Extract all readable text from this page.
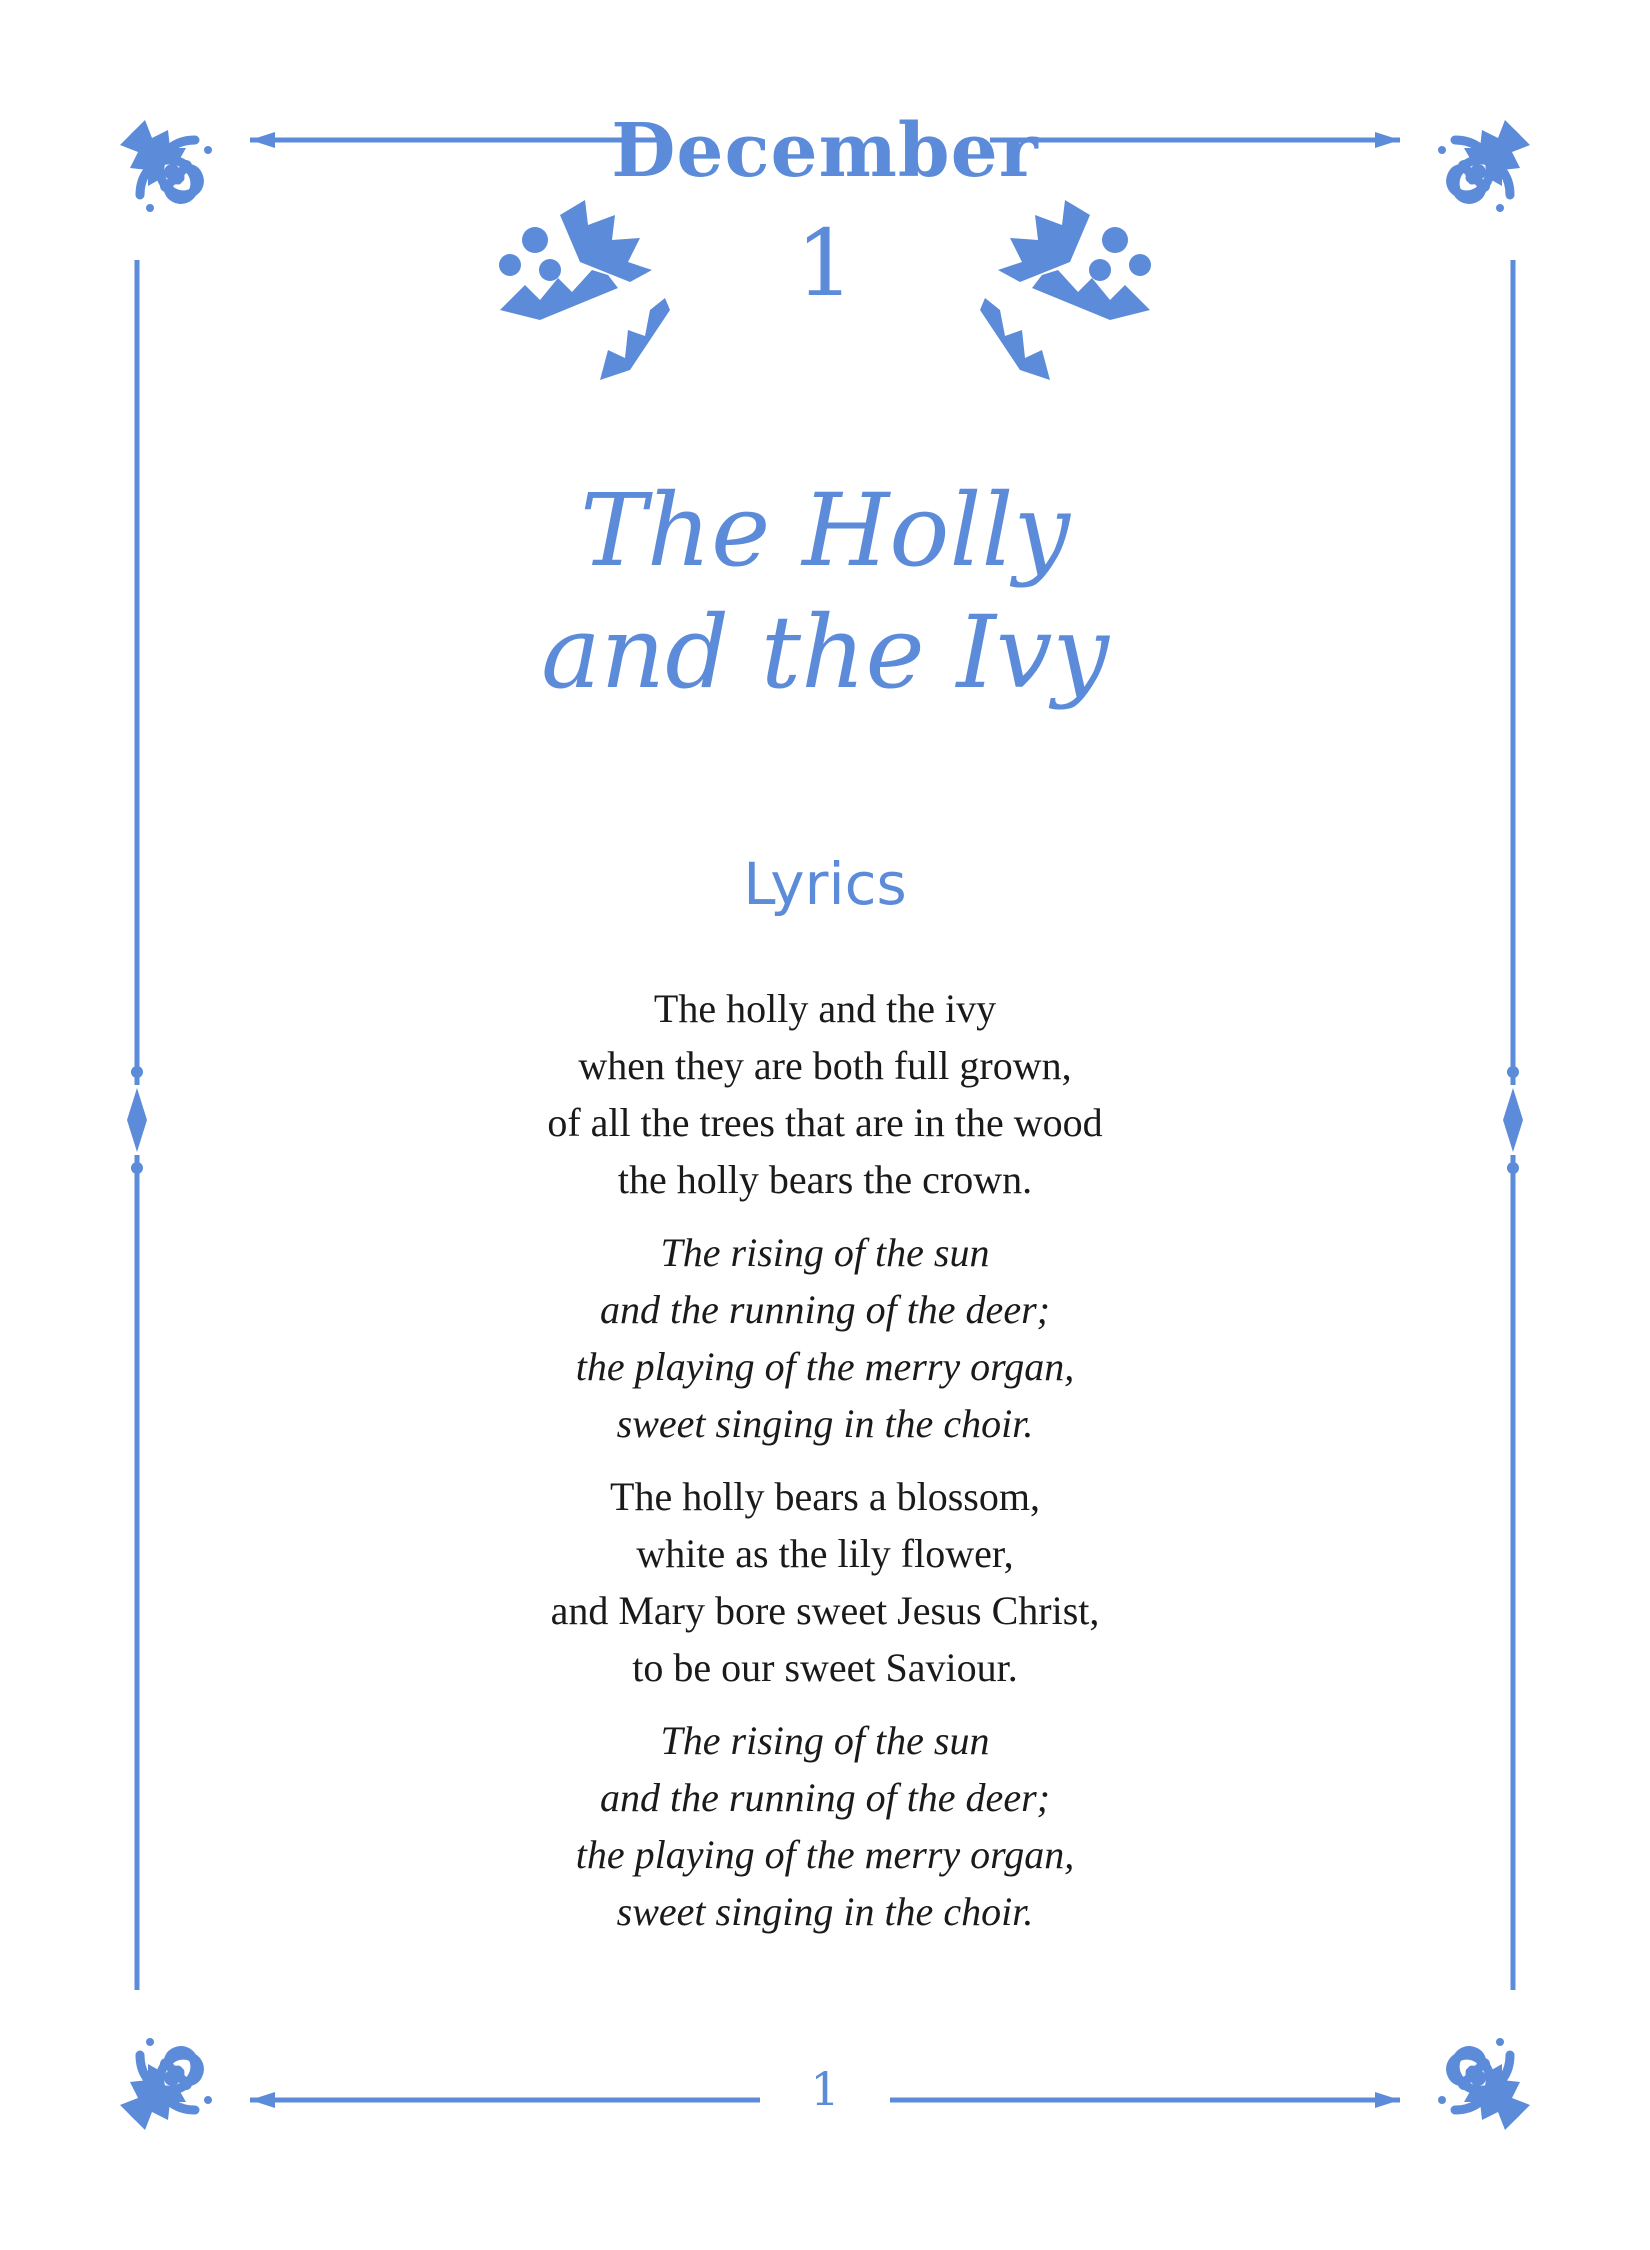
December
1
The Holly
and the Ivy
Lyrics
The holly and the ivy
when they are both full grown,
of all the trees that are in the wood
the holly bears the crown.
The rising of the sun
and the running of the deer;
the playing of the merry organ,
sweet singing in the choir.
The holly bears a blossom,
white as the lily flower,
and Mary bore sweet Jesus Christ,
to be our sweet Saviour.
The rising of the sun
and the running of the deer;
the playing of the merry organ,
sweet singing in the choir.
1
